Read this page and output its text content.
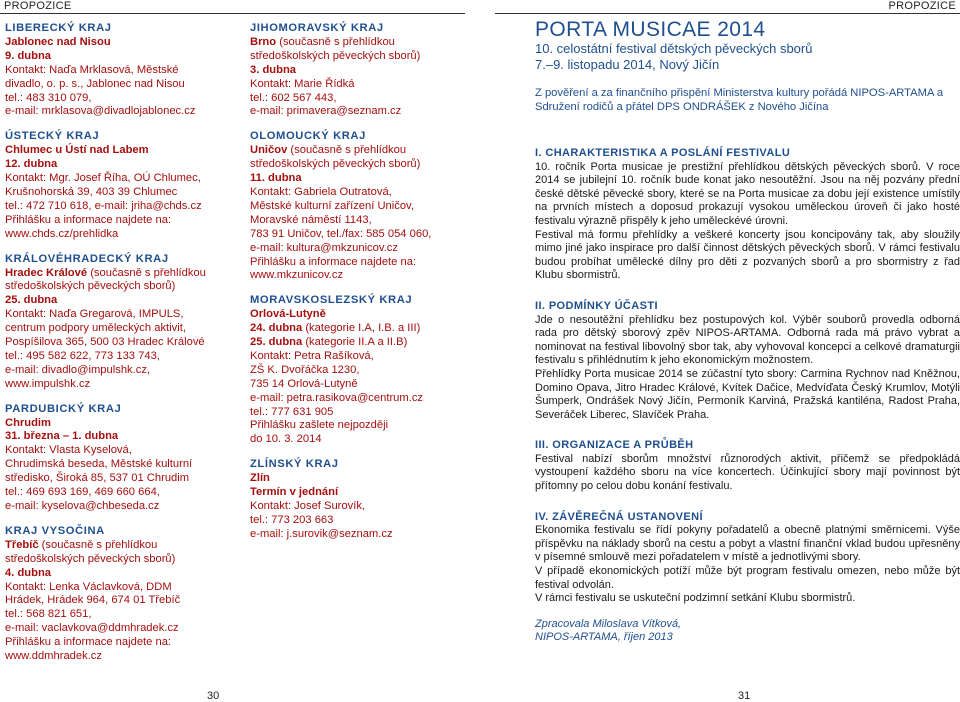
PROPOZICE	PROPOZICE

LIBERECKÝ KRAJ

Jablonec nad Nisou

9. dubna

Kontakt: Naďa Mrklasová, Městské

divadlo, o. p. s., Jablonec nad Nisou

tel.: 483 310 079,

e-mail: mrklasova@divadlojablonec.cz

ÚSTECKÝ KRAJ

Chlumec u Ústí nad Labem

12. dubna

Kontakt: Mgr. Josef Říha, OÚ Chlumec,

Krušnohorská 39, 403 39 Chlumec

tel.: 472 710 618, e-mail: jriha@chds.cz

Přihlášku a informace najdete na:

www.chds.cz/prehlidka

KRÁLOVÉHRADECKÝ KRAJ

Hradec Králové (současně s přehlídkou

středoškolských pěveckých sborů)

25. dubna

Kontakt: Naďa Gregarová, IMPULS,

centrum podpory uměleckých aktivit,

Pospíšilova 365, 500 03 Hradec Králové

tel.: 495 582 622, 773 133 743,

e-mail: divadlo@impulshk.cz,

www.impulshk.cz

PARDUBICKÝ KRAJ

Chrudim

31. března – 1. dubna

Kontakt: Vlasta Kyselová,

Chrudimská beseda, Městské kulturní

středisko, Široká 85, 537 01 Chrudim

tel.: 469 693 169, 469 660 664,

e-mail: kyselova@chbeseda.cz

KRAJ VYSOČINA

Třebíč (současně s přehlídkou

středoškolských pěveckých sborů)

4. dubna

Kontakt: Lenka Václavková, DDM

Hrádek, Hrádek 964, 674 01 Třebíč

tel.: 568 821 651,

e-mail: vaclavkova@ddmhradek.cz

Přihlášku a informace najdete na:

www.ddmhradek.cz

JIHOMORAVSKÝ KRAJ

Brno (současně s přehlídkou

středoškolských pěveckých sborů)

3. dubna

Kontakt: Marie Řídká

tel.: 602 567 443,

e-mail: primavera@seznam.cz

OLOMOUCKÝ KRAJ

Uničov (současně s přehlídkou

středoškolských pěveckých sborů)

11. dubna

Kontakt: Gabriela Outratová,

Městské kulturní zařízení Uničov,

Moravské náměstí 1143,

783 91 Uničov, tel./fax: 585 054 060,

e-mail: kultura@mkzunicov.cz

Přihlášku a informace najdete na:

www.mkzunicov.cz

MORAVSKOSLEZSKÝ KRAJ

Orlová-Lutyně

24. dubna (kategorie I.A, I.B. a III)

25. dubna (kategorie II.A a II.B)

Kontakt: Petra Rašíková,

ZŠ K. Dvořáčka 1230,

735 14 Orlová-Lutyně

e-mail: petra.rasikova@centrum.cz

tel.: 777 631 905

Přihlášku zašlete nejpozději

do 10. 3. 2014

ZLÍNSKÝ KRAJ

Zlín

Termín v jednání

Kontakt: Josef Surovík,

tel.: 773 203 663

e-mail: j.surovik@seznam.cz

PORTA MUSICAE 2014

10. celostátní festival dětských pěveckých sborů

7.–9. listopadu 2014, Nový Jičín

Z pověření a za finančního přispění Ministerstva kultury pořádá NIPOS-ARTAMA a Sdružení rodičů a přátel DPS ONDRÁŠEK z Nového Jičína

I. CHARAKTERISTIKA A POSLÁNÍ FESTIVALU

10. ročník Porta musicae je prestižní přehlídkou dětských pěveckých sborů. V roce 2014 se jubilejní 10. ročník bude konat jako nesoutěžní. Jsou na něj pozvány přední české dětské pěvecké sbory, které se na Porta musicae za dobu její existence umístily na prvních místech a doposud prokazují vysokou uměleckou úroveň či jako hosté festivalu výrazně přispěly k jeho uměleckévé úrovni.

Festival má formu přehlídky a veškeré koncerty jsou koncipovány tak, aby sloužily mimo jiné jako inspirace pro další činnost dětských pěveckých sborů. V rámci festivalu budou probíhat umělecké dílny pro děti z pozvaných sborů a pro sbormistry z řad Klubu sbormistrů.

II. PODMÍNKY ÚČASTI

Jde o nesoutěžní přehlídku bez postupových kol. Výběr souborů provedla odborná rada pro dětský sborový zpěv NIPOS-ARTAMA. Odborná rada má právo vybrat a nominovat na festival libovolný sbor tak, aby vyhovoval koncepci a celkové dramaturgii festivalu s přihlédnutím k jeho ekonomickým možnostem.

Přehlídky Porta musicae 2014 se zúčastní tyto sbory: Carmina Rychnov nad Kněžnou, Domino Opava, Jitro Hradec Králové, Kvítek Dačice, Medvíďata Český Krumlov, Motýli Šumperk, Ondrášek Nový Jičín, Permoník Karviná, Pražská kantiléna, Radost Praha, Severáček Liberec, Slavíček Praha.

III. ORGANIZACE A PRŮBĚH

Festival nabízí sborům množství různorodých aktivit, přičemž se předpokládá vystoupení každého sboru na více koncertech. Účinkující sbory mají povinnost být přítomny po celou dobu konání festivalu.

IV. ZÁVĚREČNÁ USTANOVENÍ

Ekonomika festivalu se řídí pokyny pořadatelů a obecně platnými směrnicemi. Výše příspěvku na náklady sborů na cestu a pobyt a vlastní finanční vklad budou upřesněny v písemné smlouvě mezi pořadatelem v místě a jednotlivými sbory.

V případě ekonomických potíží může být program festivalu omezen, nebo může být festival odvolán.

V rámci festivalu se uskuteční podzimní setkání Klubu sbormistrů.

Zpracovala Miloslava Vítková,

NIPOS-ARTAMA, říjen 2013

30	31
